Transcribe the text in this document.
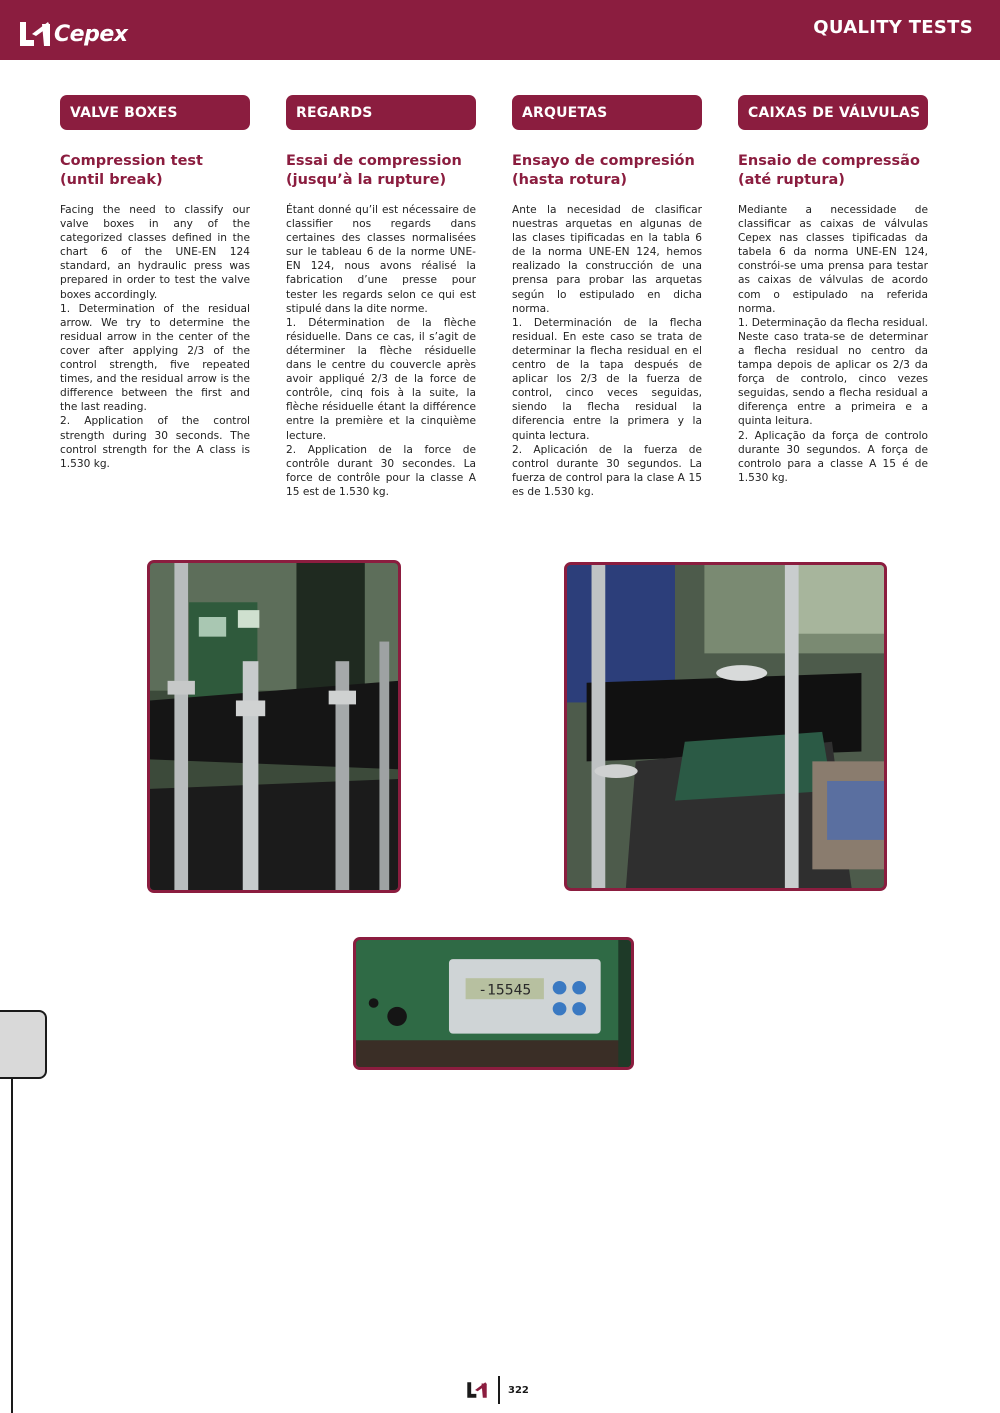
Cepex	QUALITY TESTS
VALVE BOXES
Compression test (until break)

Facing the need to classify our valve boxes in any of the categorized classes defined in the chart 6 of the UNE-EN 124 standard, an hydraulic press was prepared in order to test the valve boxes accordingly.

1. Determination of the residual arrow. We try to determine the residual arrow in the center of the cover after applying 2/3 of the control strength, five repeated times, and the residual arrow is the difference between the first and the last reading.

2. Application of the control strength during 30 seconds. The control strength for the A class is 1.530 kg.

REGARDS
Essai de compression (jusqu’à la rupture)

Étant donné qu’il est nécessaire de classifier nos regards dans certaines des classes normalisées sur le tableau 6 de la norme UNE-EN 124, nous avons réalisé la fabrication d’une presse pour tester les regards selon ce qui est stipulé dans la dite norme.

1. Détermination de la flèche résiduelle. Dans ce cas, il s’agit de déterminer la flèche résiduelle dans le centre du couvercle après avoir appliqué 2/3 de la force de contrôle, cinq fois à la suite, la flèche résiduelle étant la différence entre la première et la cinquième lecture.

2. Application de la force de contrôle durant 30 secondes. La force de contrôle pour la classe A 15 est de 1.530 kg.

ARQUETAS
Ensayo de compresión (hasta rotura)

Ante la necesidad de clasificar nuestras arquetas en algunas de las clases tipificadas en la tabla 6 de la norma UNE-EN 124, hemos realizado la construcción de una prensa para probar las arquetas según lo estipulado en dicha norma.

1. Determinación de la flecha residual. En este caso se trata de determinar la flecha residual en el centro de la tapa después de aplicar los 2/3 de la fuerza de control, cinco veces seguidas, siendo la flecha residual la diferencia entre la primera y la quinta lectura.

2. Aplicación de la fuerza de control durante 30 segundos. La fuerza de control para la clase A 15 es de 1.530 kg.

CAIXAS DE VÁLVULAS
Ensaio de compressão (até ruptura)

Mediante a necessidade de classificar as caixas de válvulas Cepex nas classes tipificadas da tabela 6 da norma UNE-EN 124, constrói-se uma prensa para testar as caixas de válvulas de acordo com o estipulado na referida norma.

1. Determinação da flecha residual. Neste caso trata-se de determinar a flecha residual no centro da tampa depois de aplicar os 2/3 da força de controlo, cinco vezes seguidas, sendo a flecha residual a diferença entre a primeira e a quinta leitura.

2. Aplicação da força de controlo durante 30 segundos. A força de controlo para a classe A 15 é de 1.530 kg.

-15545
322
